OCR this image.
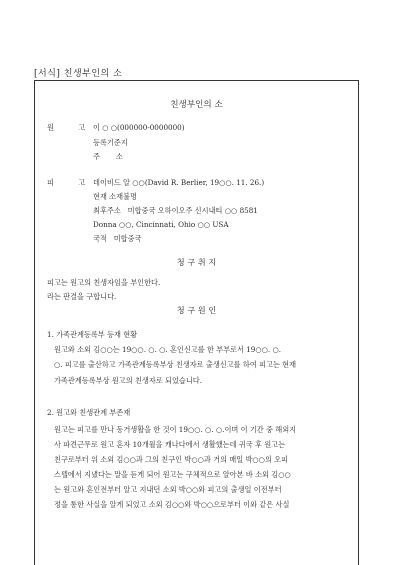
[서식] 친생부인의 소
친생부인의 소
원 고
이 ○ ○(000000-0000000)
등록기준지
주       소
피 고
데이비드 알 ○○(David R. Berlier, 19○○. 11. 26.)
현재 소재불명
최후주소   미합중국 오하이오주 신시내티 ○○ 8581
Donna ○○, Cincinnati, Ohio ○○ USA
국적   미합중국
청 구 취 지
피고는 원고의 친생자임을 부인한다.
라는 판결을 구합니다.
청 구 원 인
1. 가족관계등록부 등재 현황
원고와 소외 김○○는 19○○. ○. ○. 혼인신고를 한 부부로서 19○○. ○.
○. 피고를 출산하고 가족관계등록부상 친생자로 출생신고를 하여 피고는 현재
가족관계등록부상 원고의 친생자로 되었습니다.
2. 원고와 친생관계 부존재
원고는 피고를 만나 동거생활을 한 것이 19○○. ○. ○.이며 이 기간 중 해외지
사 파견근무로 원고 혼자 10개월을 캐나다에서 생활했는데 귀국 후 원고는
친구로부터 위 소외 김○○과 그의 친구인 박○○과 거의 매일 박○○의 오피
스텔에서 지냈다는 말을 듣게 되어 원고는 구체적으로 알아본 바 소외 김○○
는 원고와 혼인전부터 알고 지내던 소외 박○○와 피고의 출생일 이전부터
정을 통한 사실을 알게 되었고 소외 김○○와 박○○으로부터 이와 같은 사실
